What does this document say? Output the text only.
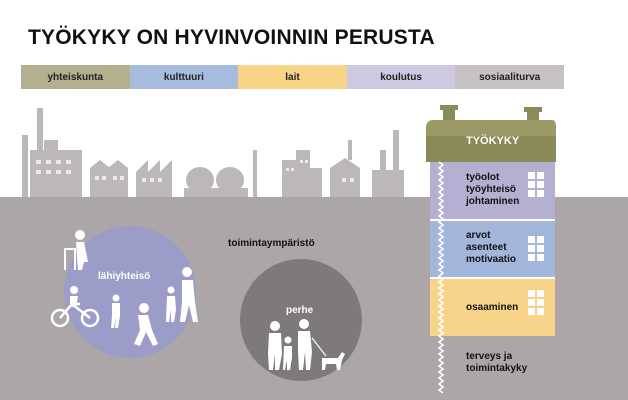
TYÖKYKY ON HYVINVOINNIN PERUSTA
yhteiskunta	kulttuuri	lait	koulutus	sosiaaliturva
toimintaympäristö
lähiyhteisö
perhe
TYÖKYKY
työolot
työyhteisö
johtaminen
arvot
asenteet
motivaatio
osaaminen
terveys ja
toimintakyky
